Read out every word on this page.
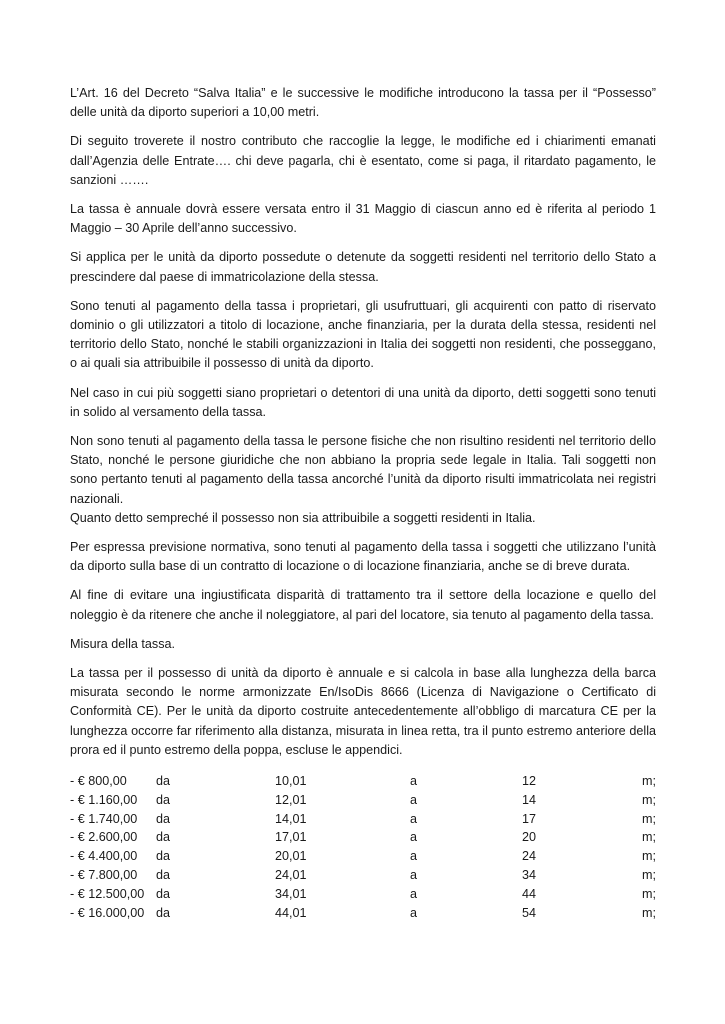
L’Art. 16 del Decreto “Salva Italia” e le successive le modifiche introducono la tassa per il “Possesso” delle unità da diporto superiori a 10,00 metri.

Di seguito troverete il nostro contributo che raccoglie la legge, le modifiche ed i chiarimenti emanati dall’Agenzia delle Entrate…. chi deve pagarla, chi è esentato, come si paga, il ritardato pagamento, le sanzioni …….

La tassa è annuale dovrà essere versata entro il 31 Maggio di ciascun anno ed è riferita al periodo 1 Maggio – 30 Aprile dell’anno successivo.

Si applica per le unità da diporto possedute o detenute da soggetti residenti nel territorio dello Stato a prescindere dal paese di immatricolazione della stessa.

Sono tenuti al pagamento della tassa i proprietari, gli usufruttuari, gli acquirenti con patto di riservato dominio o gli utilizzatori a titolo di locazione, anche finanziaria, per la durata della stessa, residenti nel territorio dello Stato, nonché le stabili organizzazioni in Italia dei soggetti non residenti, che posseggano, o ai quali sia attribuibile il possesso di unità da diporto.

Nel caso in cui più soggetti siano proprietari o detentori di una unità da diporto, detti soggetti sono tenuti in solido al versamento della tassa.

Non sono tenuti al pagamento della tassa le persone fisiche che non risultino residenti nel territorio dello Stato, nonché le persone giuridiche che non abbiano la propria sede legale in Italia. Tali soggetti non sono pertanto tenuti al pagamento della tassa ancorché l’unità da diporto risulti immatricolata nei registri nazionali.

Quanto detto sempreché il possesso non sia attribuibile a soggetti residenti in Italia.

Per espressa previsione normativa, sono tenuti al pagamento della tassa i soggetti che utilizzano l’unità da diporto sulla base di un contratto di locazione o di locazione finanziaria, anche se di breve durata.

Al fine di evitare una ingiustificata disparità di trattamento tra il settore della locazione e quello del noleggio è da ritenere che anche il noleggiatore, al pari del locatore, sia tenuto al pagamento della tassa.

Misura della tassa.

La tassa per il possesso di unità da diporto è annuale e si calcola in base alla lunghezza della barca misurata secondo le norme armonizzate En/IsoDis 8666 (Licenza di Navigazione o Certificato di Conformità CE). Per le unità da diporto costruite antecedentemente all’obbligo di marcatura CE per la lunghezza occorre far riferimento alla distanza, misurata in linea retta, tra il punto estremo anteriore della prora ed il punto estremo della poppa, escluse le appendici.

- € 800,00 da	10,01	a	12	m;
- € 1.160,00 da	12,01	a	14	m;
- € 1.740,00 da	14,01	a	17	m;
- € 2.600,00 da	17,01	a	20	m;
- € 4.400,00 da	20,01	a	24	m;
- € 7.800,00 da	24,01	a	34	m;
- € 12.500,00 da	34,01	a	44	m;
- € 16.000,00 da	44,01	a	54	m;
